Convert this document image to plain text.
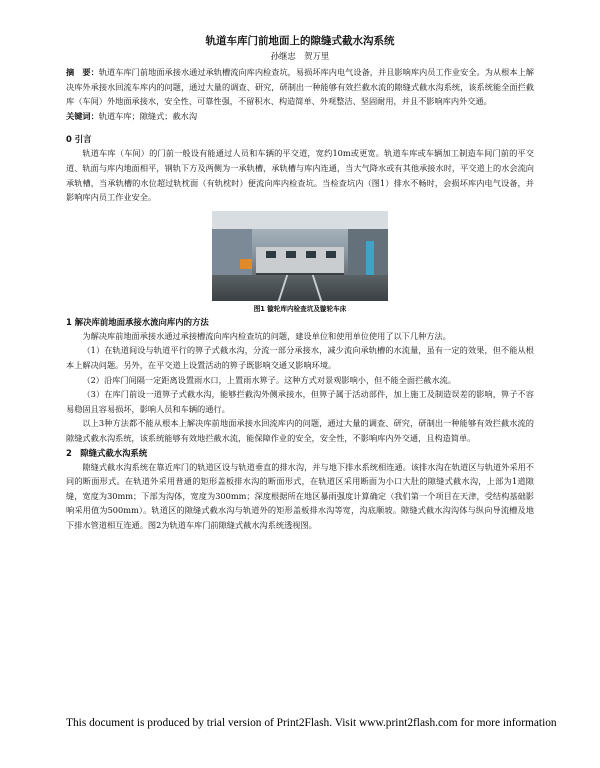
轨道车库门前地面上的隙缝式截水沟系统
孙继忠　贺万里

摘　要：轨道车库门前地面承接水通过承轨槽流向库内检查坑，易损坏库内电气设备，并且影响库内员工作业安全。为从根本上解决库外承接水回流车库内的问题，通过大量的调查、研究，研制出一种能够有效拦截水流的隙缝式截水沟系统，该系统能全面拦截库（车间）外地面承接水，安全性、可靠性强，不留积水、构造简单、外观整洁、坚固耐用，并且不影响库内外交通。

关键词：轨道车库；隙缝式；截水沟

0 引言

轨道车库（车间）的门前一般设有能通过人员和车辆的平交道，宽约10m或更宽。轨道车库或车辆加工制造车间门前的平交道、轨面与库内地面相平，钢轨下方及两侧为一承轨槽，承轨槽与库内连通，当大气降水或有其他承接水时，平交道上的水会流向承轨槽，当承轨槽的水位超过轨枕面（有轨枕时）便流向库内检查坑。当检查坑内（图1）排水不畅时，会损坏库内电气设备，并影响库内员工作业安全。

图1 镟轮库内检查坑及镟轮车床
1 解决库前地面承接水流向库内的方法

为解决库前地面承接水通过承接槽流向库内检查坑的问题，建设单位和使用单位使用了以下几种方法。

（1）在轨道间设与轨道平行的箅子式截水沟，分流一部分承接水，减少流向承轨槽的水流量，虽有一定的效果，但不能从根本上解决问题。另外，在平交道上设置活动的箅子既影响交通又影响环境。

（2）沿库门间隔一定距离设置雨水口，上置雨水箅子。这种方式对景观影响小，但不能全面拦截水流。

（3）在库门前设一道箅子式截水沟，能够拦截沟外侧承接水，但箅子属于活动部件，加上施工及制造误差的影响，箅子不容易稳固且容易损坏，影响人员和车辆的通行。

以上3种方法都不能从根本上解决库前地面承接水回流库内的问题，通过大量的调查、研究，研制出一种能够有效拦截水流的隙缝式截水沟系统，该系统能够有效地拦截水流，能保障作业的安全，安全性，不影响库内外交通，且构造简单。

2　隙缝式截水沟系统

隙缝式截水沟系统在靠近库门的轨道区设与轨道垂直的排水沟，并与地下排水系统相连通。该排水沟在轨道区与轨道外采用不同的断面形式。在轨道外采用普通的矩形盖板排水沟的断面形式，在轨道区采用断面为小口大肚的隙缝式截水沟，上部为1道隙缝，宽度为30mm；下部为沟体，宽度为300mm；深度根据所在地区暴雨强度计算确定（我们第一个项目在天津，受结构基础影响采用值为500mm）。轨道区的隙缝式截水沟与轨道外的矩形盖板排水沟等宽，沟底顺坡。隙缝式截水沟沟体与纵向导流槽及地下排水管道相互连通。图2为轨道车库门前隙缝式截水沟系统透视图。

This document is produced by trial version of Print2Flash. Visit www.print2flash.com for more information
